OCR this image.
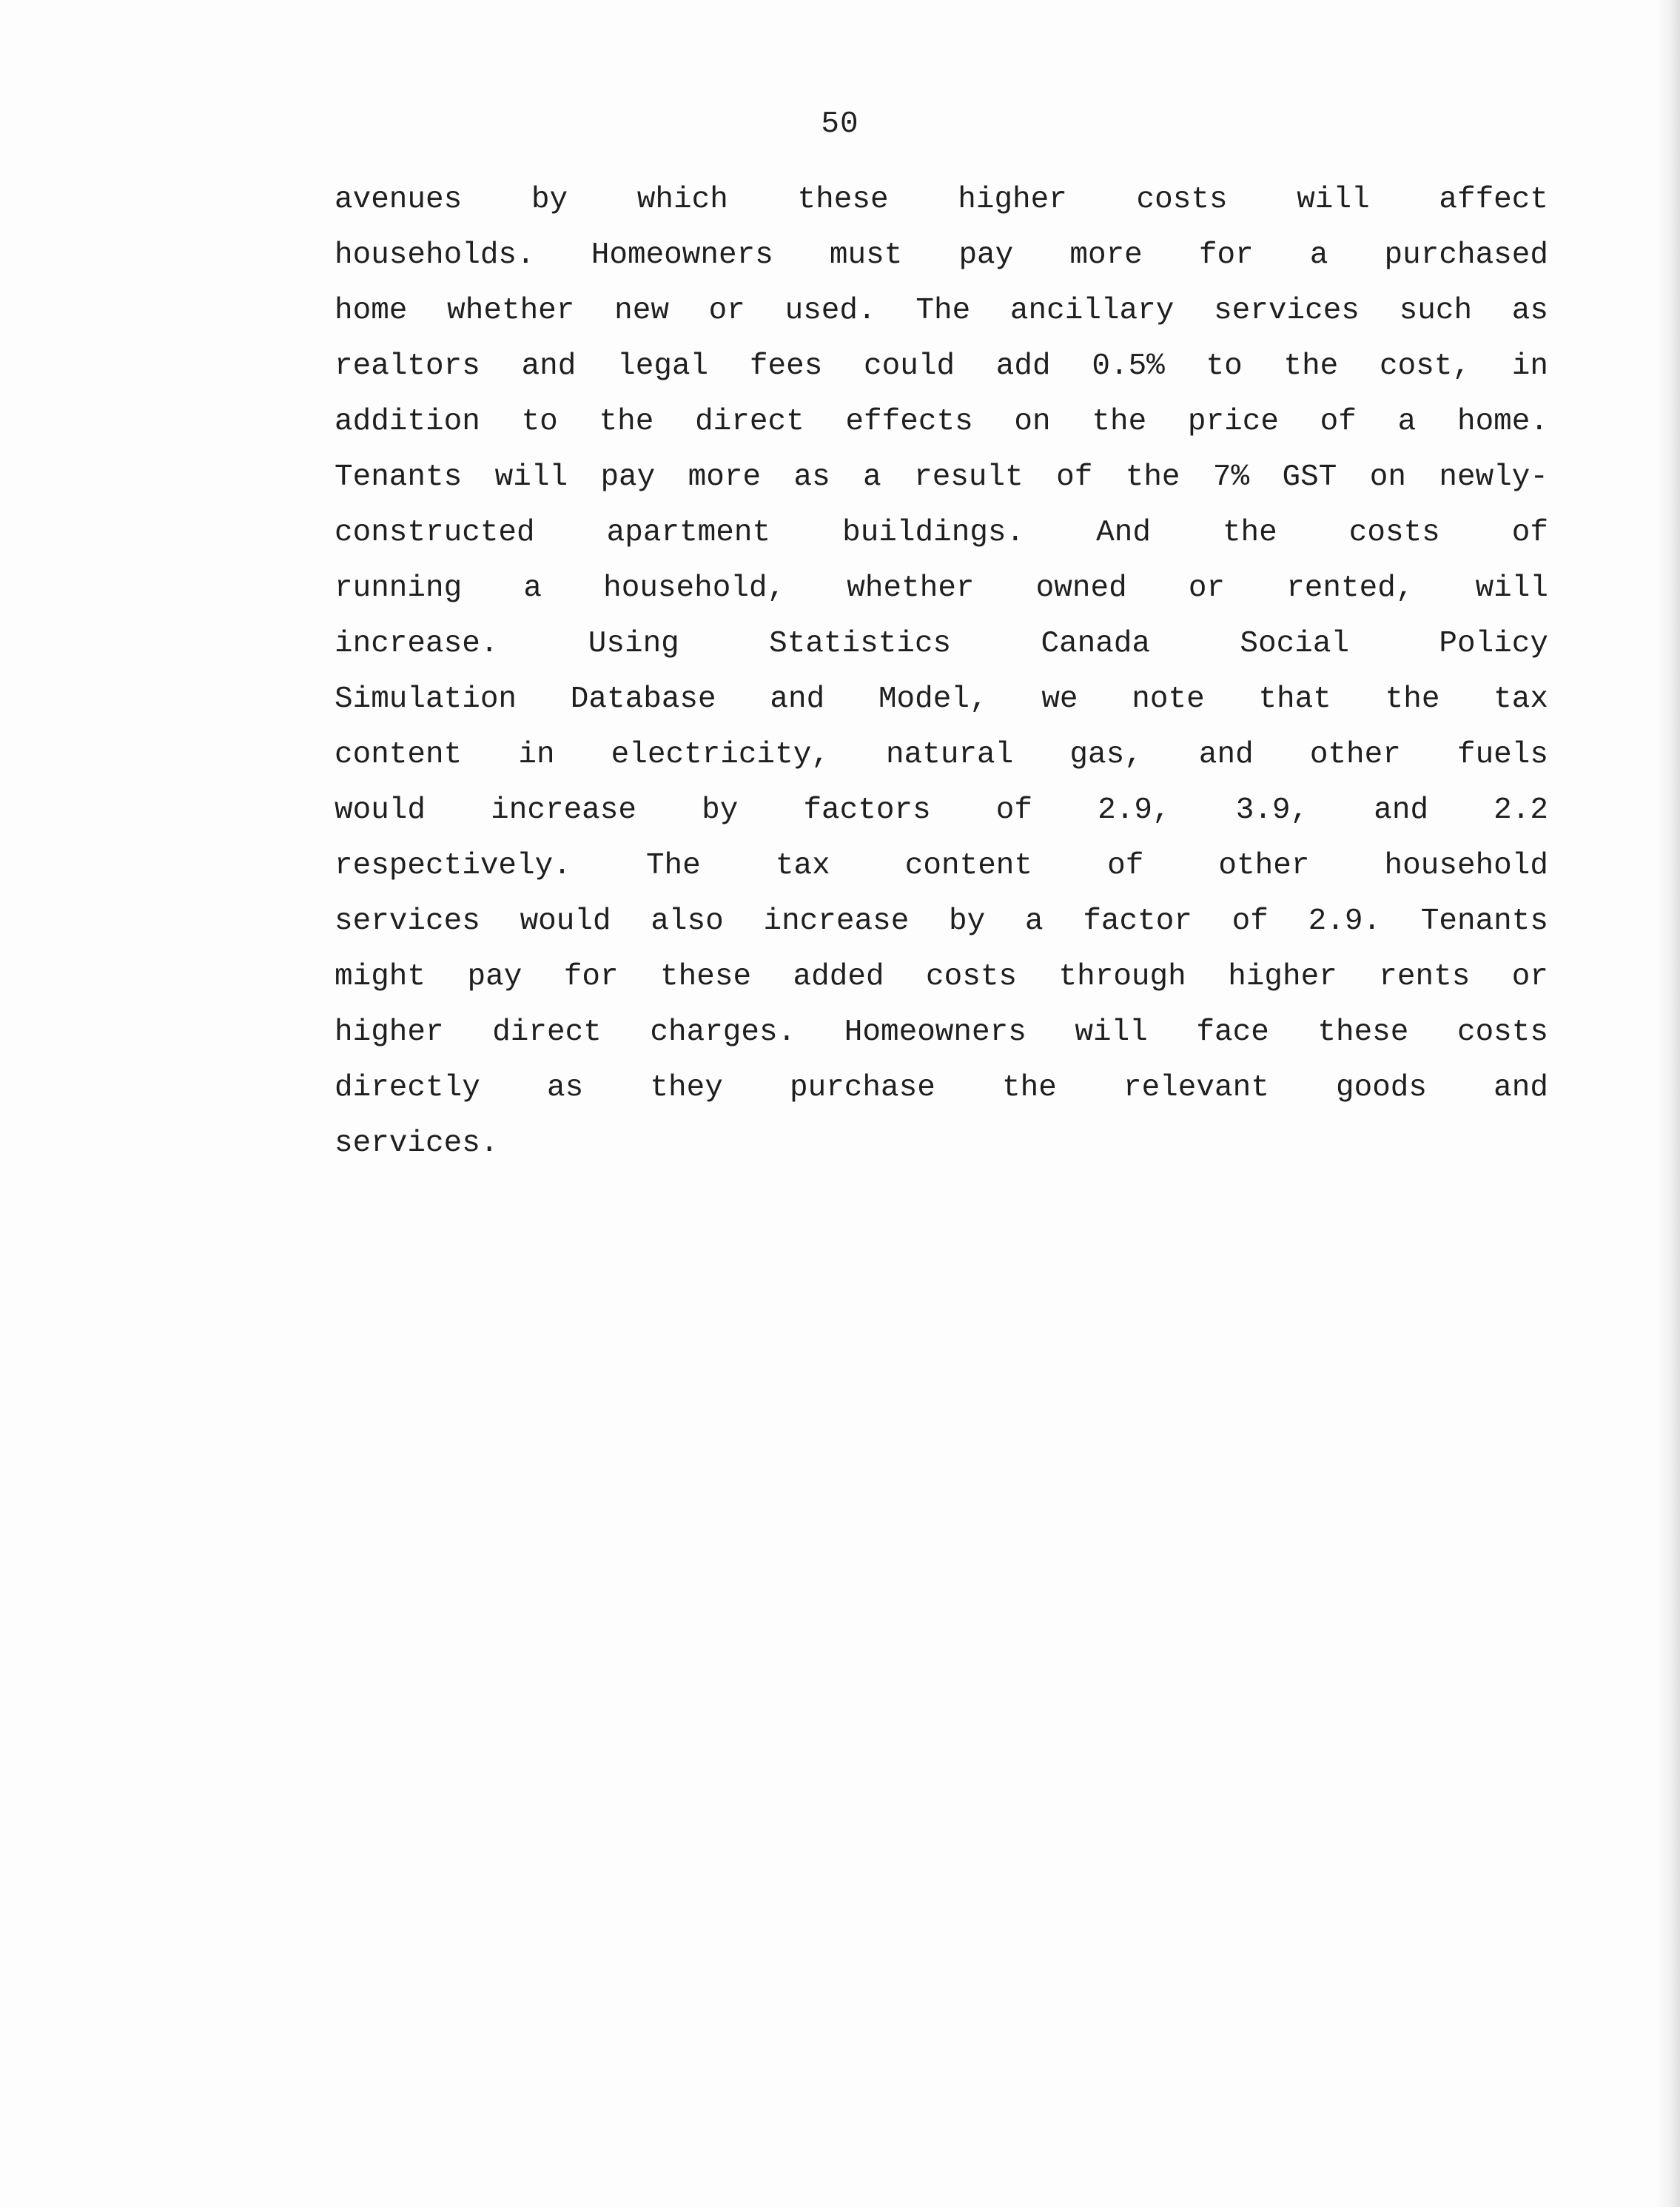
50
avenues by which these higher costs will affect
households. Homeowners must pay more for a purchased
home whether new or used. The ancillary services such as
realtors and legal fees could add 0.5% to the cost, in
addition to the direct effects on the price of a home.
Tenants will pay more as a result of the 7% GST on newly-
constructed apartment buildings. And the costs of
running a household, whether owned or rented, will
increase. Using Statistics Canada Social Policy
Simulation Database and Model, we note that the tax
content in electricity, natural gas, and other fuels
would increase by factors of 2.9, 3.9, and 2.2
respectively. The tax content of other household
services would also increase by a factor of 2.9. Tenants
might pay for these added costs through higher rents or
higher direct charges. Homeowners will face these costs
directly as they purchase the relevant goods and
services.
